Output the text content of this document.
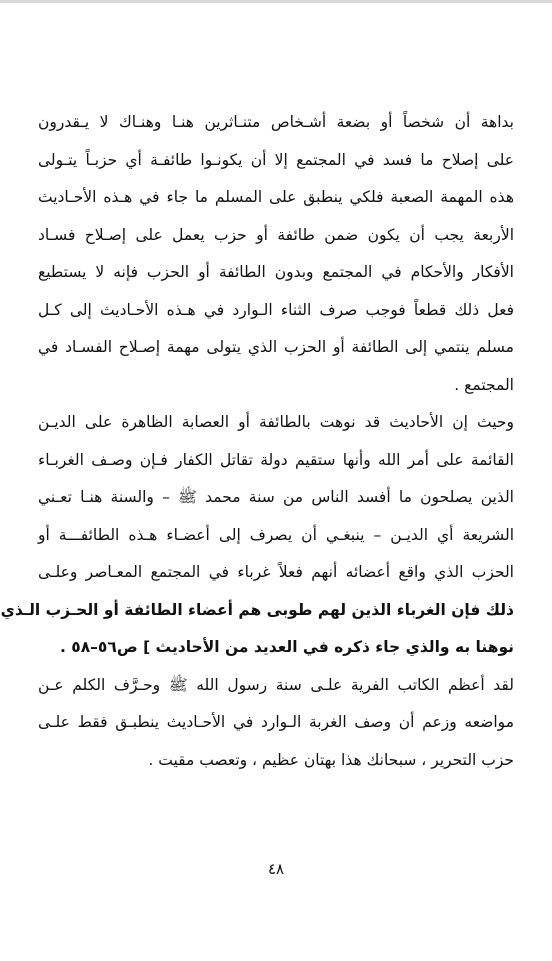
بداهة أن شخصاً أو بضعة أشـخاص متنـاثرين هنـا وهنـاك لا يـقدرون
على إصلاح ما فسد في المجتمع إلا أن يكونـوا طائفـة أي حزبـاً يتـولى
هذه المهمة الصعبة فلكي ينطبق على المسلم ما جاء في هـذه الأحـاديث
الأربعة يجب أن يكون ضمن طائفة أو حزب يعمل على إصـلاح فسـاد
الأفكار والأحكام في المجتمع وبدون الطائفة أو الحزب فإنه لا يستطيع
فعل ذلك قطعاً فوجب صرف الثناء الـوارد في هـذه الأحـاديث إلى كـل
مسلم ينتمي إلى الطائفة أو الحزب الذي يتولى مهمة إصـلاح الفسـاد في
المجتمع .
وحيث إن الأحاديث قد نوهت بالطائفة أو العصابة الظاهرة على الديـن
القائمة على أمر الله وأنها ستقيم دولة تقاتل الكفار فـإن وصـف الغربـاء
الذين يصلحون ما أفسد الناس من سنة محمد ﷺ – والسنة هنـا تعـني
الشريعة أي الديـن – ينبغـي أن يصرف إلى أعضـاء هـذه الطائفـــة أو
الحزب الذي واقع أعضائه أنهم فعلاً غرباء في المجتمع المعـاصر وعلـى
ذلك فإن الغرباء الذين لهم طوبى هم أعضاء الطائفة أو الحـزب الـذي
نوهنا به والذي جاء ذكره في العديد من الأحاديث ] ص٥٦–٥٨ .
لقد أعظم الكاتب الفرية علـى سنة رسول الله ﷺ وحـرَّف الكلم عـن
مواضعه وزعم أن وصف الغربة الـوارد في الأحـاديث ينطبـق فقط علـى
حزب التحرير ، سبحانك هذا بهتان عظيم ، وتعصب مقيت .
٤٨
